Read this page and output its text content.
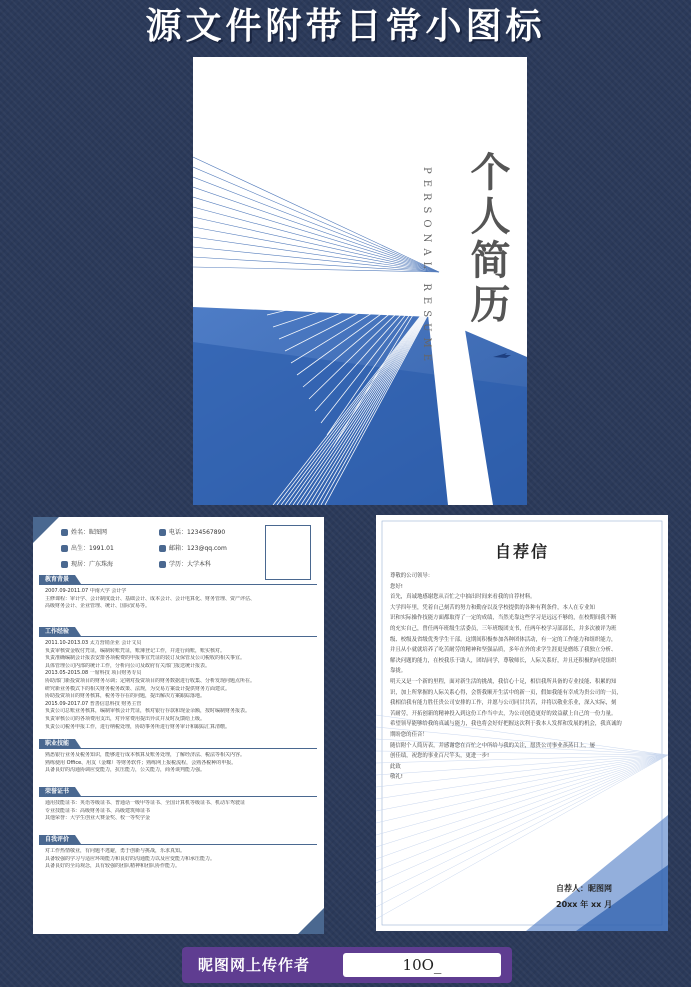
源文件附带日常小图标
PERSONAL RESUME 个人简历
姓名：昵图网	电话：1234567890
出生：1991.01	邮箱：123@qq.com
现居：广东珠海	学历：大学本科
教育背景
2007.09-2011.07 中南大学 会计学
主修课程：审计学、会计制度设计、基础会计、成本会计、会计电算化、财务管理、资产评估、
高级财务会计、企业管理、统计、国际贸易等。
工作经验
2011.10-2013.03 太力营销企业 会计文员
负责审核资金收付凭证，编制转账凭证，账簿登记工作，并进行商账，账实核对。
负责准确编制会计报表安排各项税费的申报事宜凭证的装订及保管及公司税收的相关事宜。
具体管理公司内部的统计工作，分析向公司及政府有关部门报送统计报表。
2013.05-2015.08 一席科技 项目财务专员
协助部门新投资项目的财务尽调；定期对投资项目的财务数据进行收集、分析发现问题点所在。
研究新业务模式下的相关财务税务政策、法规，为交易方案设计提供财务方面建议。
协助投资项目的财务核算，税务等存在的问题，提出解决方案跟踪落地。
2015.09-2017.07 普善信息科技 财务主管
负责公司总账业务核算，编制审核会计凭证，核对银行存款和现金余额，按时编制财务报表。
负责审核公司的各项费用支出，对异常费用提出异议并及时反馈给上级。
负责公司税务申报工作，进行纳税处理，协助事务所进行财务审计和跟踪汇算清缴。
职业技能
熟悉银行业务及税务知识，能够进行成本核算及账务处理，了解经济法、税法等相关内容。
熟练使用 Office、用友（金蝶）等财务软件；熟练网上报税流程，会熟各税种的申报。
具备良好的沟通协调应变能力，抗压能力，公关能力，商务谈判能力强。
荣誉证书
通用技能证书：英语等级证书、普通话一级甲等证书、全国计算机等级证书、机动车驾驶证
专业技能证书：高级财务证书、高级建筑师证书
其他荣誉：大学生创业大赛金奖、校一等奖学金
自我评价
对工作热情敬业，有问题不逃避，勇于创新与挑战，乐求真知。
具备较强的学习与适应环境能力和良好的沟通能力以及应变能力和承压能力。
具备良好的全局观念，具有较强的团队精神和团队协作能力。
自荐信
尊敬的公司领导：
您好!
首先，真诚地感谢您从百忙之中抽出时间来看我的自荐材料。
大学四年里，凭着自己刻苦的努力和勤奋以及学校提供的各种有利条件，本人在专业知
识和实际操作技能方面都取得了一定的成绩，当然光靠这些学习是远远不够的，在校期间我不断
的充实自己，曾任两年班级生活委员，三年班级团支书，任两年校学习部部长，并多次被评为班
级、校级及省级优秀学生干部。这期间积极参加各种团体活动，有一定的工作能力和组织能力，
并且从小就就培养了吃苦耐劳的精神和坚强品质，多年在外的求学生涯更是磨练了我独立分析、
解决问题的能力，在校我乐于助人，团结同学，尊敬师长，人际关系好，并且还积极的向党组织
靠拢。
明天又是一个新的里程，面对新生活的挑战，我信心十足，相信我所具备的专业技能、积累的知
识，加上所掌握的人际关系心得，会帮我顺开生活中的新一页，假如我能有幸成为贵公司的一员，
我相信我有能力胜任贵公司安排的工作，并愿与公司同甘共苦，并将以敬业乐业，深入实际，刻
苦耐劳，开拓创新的精神投入到这份工作当中去，为公司创造更好的效益献上自己的一份力量。
希望领导能够给我的真诚与能力，我也将会好好把握这次利于我本人发挥和发展的机会，我真诚的
期盼您的佳音！
随信附个人简历表，并感谢您在百忙之中所给与我的关注，愿贵公司事业蒸蒸日上，屡
创佳绩，祝您的事业百尺竿头，更进一步!
此致
敬礼!
自荐人：昵图网
20xx 年 xx 月
昵图网上传作者	10O_
